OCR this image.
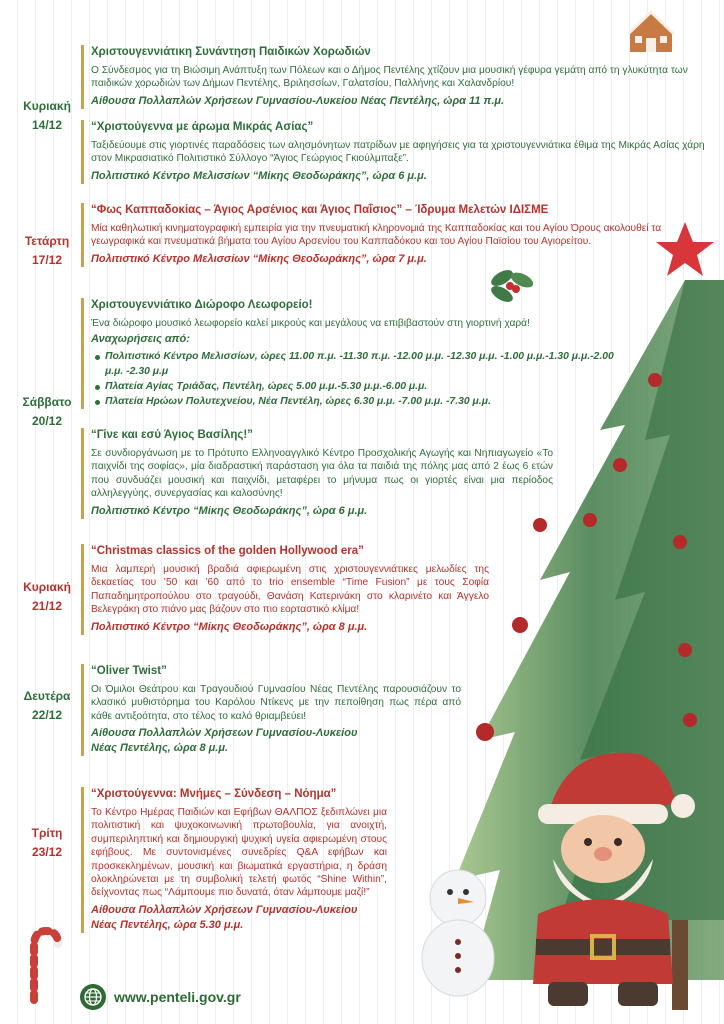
Κυριακή
14/12
Τετάρτη
17/12
Σάββατο
20/12
Κυριακή
21/12
Δευτέρα
22/12
Τρίτη
23/12
Χριστουγεννιάτικη Συνάντηση Παιδικών Χορωδιών

Ο Σύνδεσμος για τη Βιώσιμη Ανάπτυξη των Πόλεων και ο Δήμος Πεντέλης χτίζουν μια μουσική γέφυρα γεμάτη από τη γλυκύτητα των παιδικών χορωδιών των Δήμων Πεντέλης, Βριλησσίων, Γαλατσίου, Παλλήνης και Χαλανδρίου!

Αίθουσα Πολλαπλών Χρήσεων Γυμνασίου-Λυκείου Νέας Πεντέλης, ώρα 11 π.μ.
“Χριστούγεννα με άρωμα Μικράς Ασίας”

Ταξιδεύουμε στις γιορτινές παραδόσεις των αλησμόνητων πατρίδων με αφηγήσεις για τα χριστουγεννιάτικα έθιμα της Μικράς Ασίας χάρη στον Μικρασιατικό Πολιτιστικό Σύλλογο “Άγιος Γεώργιος Γκιούλμπαξε”.

Πολιτιστικό Κέντρο Μελισσίων “Μίκης Θεοδωράκης”, ώρα 6 μ.μ.
“Φως Καππαδοκίας – Άγιος Αρσένιος και Άγιος Παΐσιος” – Ίδρυμα Μελετών ΙΔΙΣΜΕ

Μία καθηλωτική κινηματογραφική εμπειρία για την πνευματική κληρονομιά της Καππαδοκίας και του Αγίου Όρους ακολουθεί τα γεωγραφικά και πνευματικά βήματα του Αγίου Αρσενίου του Καππαδόκου και του Αγίου Παϊσίου του Αγιορείτου.

Πολιτιστικό Κέντρο Μελισσίων “Μίκης Θεοδωράκης”, ώρα 7 μ.μ.
Χριστουγεννιάτικο Διώροφο Λεωφορείο!

Ένα διώροφο μουσικό λεωφορείο καλεί μικρούς και μεγάλους να επιβιβαστούν στη γιορτινή χαρά!

Αναχωρήσεις από:
Πολιτιστικό Κέντρο Μελισσίων, ώρες 11.00 π.μ. -11.30 π.μ. -12.00 μ.μ. -12.30 μ.μ. -1.00 μ.μ.-1.30 μ.μ.-2.00 μ.μ. -2.30 μ.μ
Πλατεία Αγίας Τριάδας, Πεντέλη, ώρες 5.00 μ.μ.-5.30 μ.μ.-6.00 μ.μ.
Πλατεία Ηρώων Πολυτεχνείου, Νέα Πεντέλη, ώρες 6.30 μ.μ. -7.00 μ.μ. -7.30 μ.μ.
“Γίνε και εσύ Άγιος Βασίλης!”

Σε συνδιοργάνωση με το Πρότυπο Ελληνοαγγλικό Κέντρο Προσχολικής Αγωγής και Νηπιαγωγείο «Το παιχνίδι της σοφίας», μία διαδραστική παράσταση για όλα τα παιδιά της πόλης μας από 2 έως 6 ετών που συνδυάζει μουσική και παιχνίδι, μεταφέρει το μήνυμα πως οι γιορτές είναι μια περίοδος αλληλεγγύης, συνεργασίας και καλοσύνης!

Πολιτιστικό Κέντρο “Μίκης Θεοδωράκης”, ώρα 6 μ.μ.
“Christmas classics of the golden Hollywood era”

Μια λαμπερή μουσική βραδιά αφιερωμένη στις χριστουγεννιάτικες μελωδίες της δεκαετίας του ’50 και ’60 από το trio ensemble “Time Fusion” με τους Σοφία Παπαδημητροπούλου στο τραγούδι, Θανάση Κατερινάκη στο κλαρινέτο και Άγγελο Βελεγράκη στο πιάνο μας βάζουν στο πιο εορταστικό κλίμα!

Πολιτιστικό Κέντρο “Μίκης Θεοδωράκης”, ώρα 8 μ.μ.
“Oliver Twist”

Οι Όμιλοι Θεάτρου και Τραγουδιού Γυμνασίου Νέας Πεντέλης παρουσιάζουν το κλασικό μυθιστόρημα του Καρόλου Ντίκενς με την πεποίθηση πως πέρα από κάθε αντιξοότητα, στο τέλος το καλό θριαμβεύει!

Αίθουσα Πολλαπλών Χρήσεων Γυμνασίου-Λυκείου
Νέας Πεντέλης, ώρα 8 μ.μ.
“Χριστούγεννα: Μνήμες – Σύνδεση – Νόημα”

Το Κέντρο Ημέρας Παιδιών και Εφήβων ΘΑΛΠΟΣ ξεδιπλώνει μια πολιτιστική και ψυχοκοινωνική πρωτοβουλία, για ανοιχτή, συμπεριληπτική και δημιουργική ψυχική υγεία αφιερωμένη στους εφήβους. Με συντονισμένες συνεδρίες Q&A εφήβων και προσκεκλημένων, μουσική και βιωματικά εργαστήρια, η δράση ολοκληρώνεται με τη συμβολική τελετή φωτός “Shine Within”, δείχνοντας πως “Λάμπουμε πιο δυνατά, όταν λάμπουμε μαζί!”

Αίθουσα Πολλαπλών Χρήσεων Γυμνασίου-Λυκείου
Νέας Πεντέλης, ώρα 5.30 μ.μ.
www.penteli.gov.gr
